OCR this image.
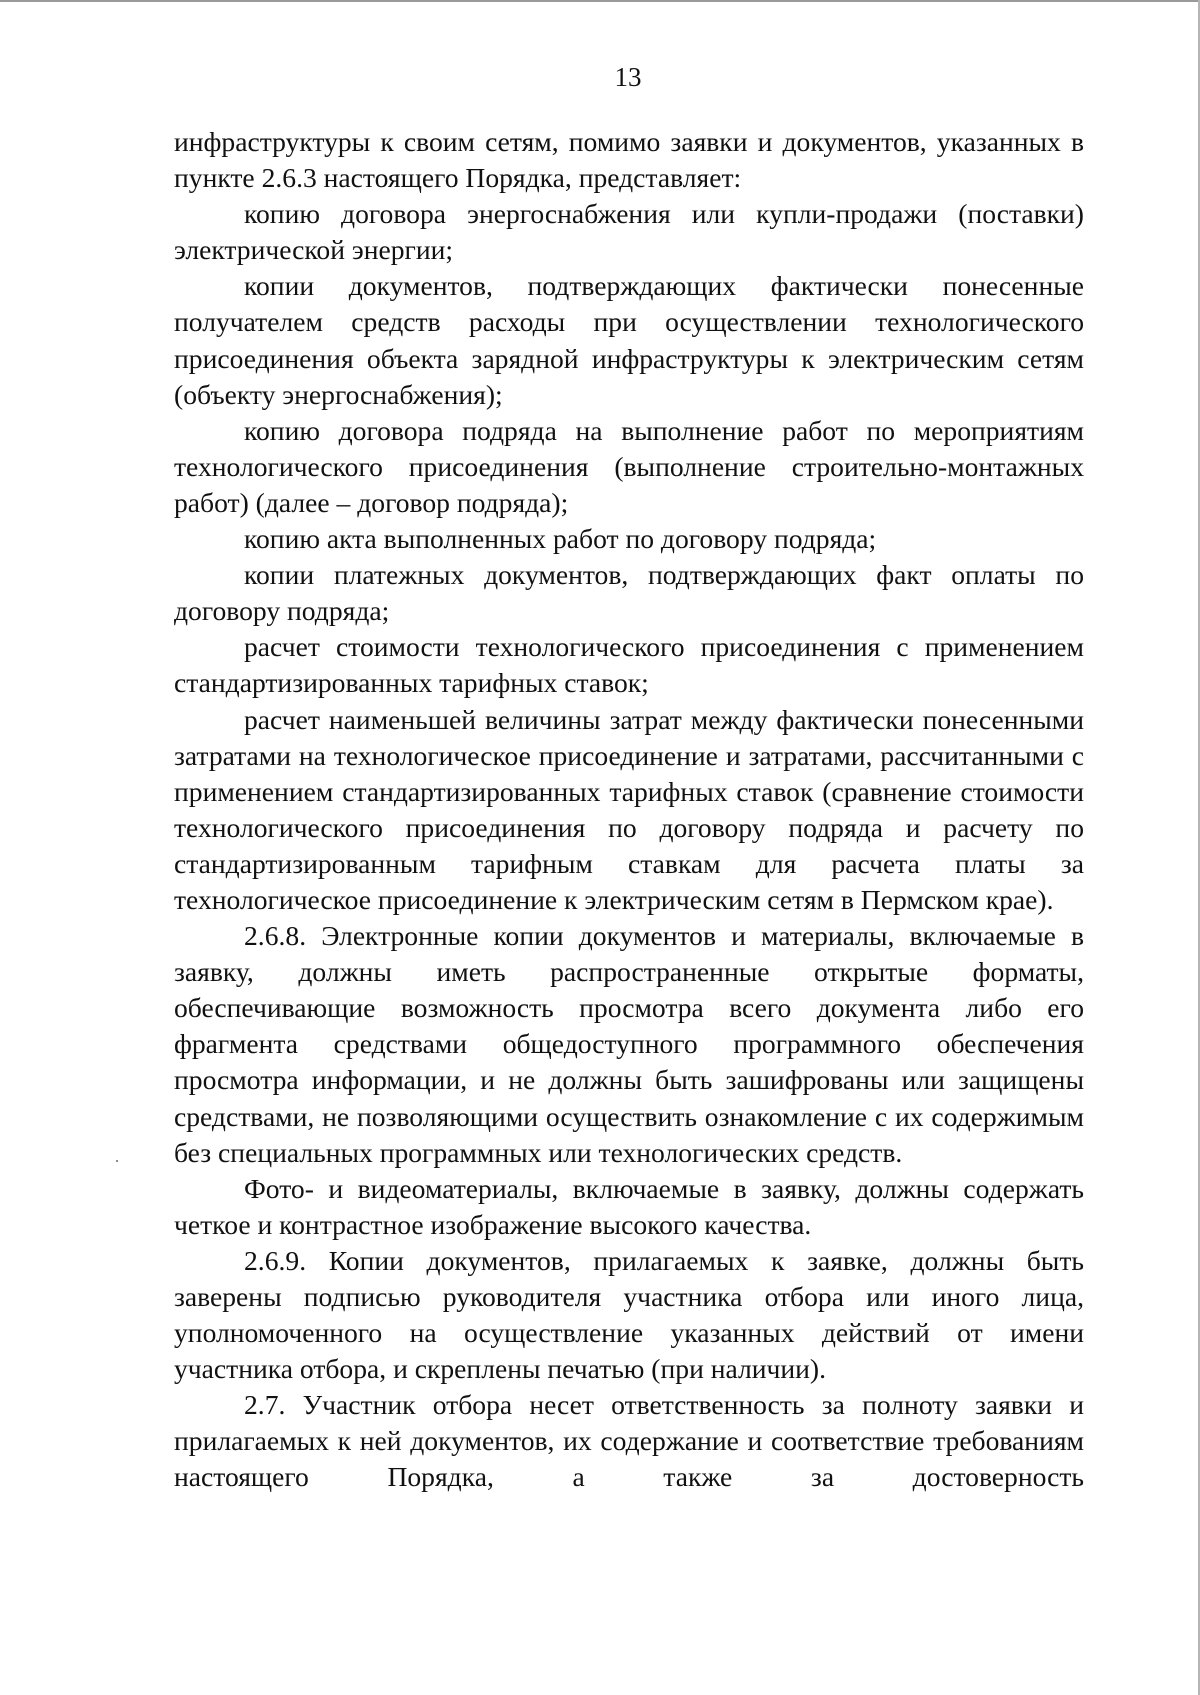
13

инфраструктуры к своим сетям, помимо заявки и документов, указанных в пункте 2.6.3 настоящего Порядка, представляет:

копию договора энергоснабжения или купли-продажи (поставки) электрической энергии;

копии документов, подтверждающих фактически понесенные получателем средств расходы при осуществлении технологического присоединения объекта зарядной инфраструктуры к электрическим сетям (объекту энергоснабжения);

копию договора подряда на выполнение работ по мероприятиям технологического присоединения (выполнение строительно-монтажных работ) (далее – договор подряда);

копию акта выполненных работ по договору подряда;

копии платежных документов, подтверждающих факт оплаты по договору подряда;

расчет стоимости технологического присоединения с применением стандартизированных тарифных ставок;

расчет наименьшей величины затрат между фактически понесенными затратами на технологическое присоединение и затратами, рассчитанными с применением стандартизированных тарифных ставок (сравнение стоимости технологического присоединения по договору подряда и расчету по стандартизированным тарифным ставкам для расчета платы за технологическое присоединение к электрическим сетям в Пермском крае).

2.6.8. Электронные копии документов и материалы, включаемые в заявку, должны иметь распространенные открытые форматы, обеспечивающие возможность просмотра всего документа либо его фрагмента средствами общедоступного программного обеспечения просмотра информации, и не должны быть зашифрованы или защищены средствами, не позволяющими осуществить ознакомление с их содержимым без специальных программных или технологических средств.

Фото- и видеоматериалы, включаемые в заявку, должны содержать четкое и контрастное изображение высокого качества.

2.6.9. Копии документов, прилагаемых к заявке, должны быть заверены подписью руководителя участника отбора или иного лица, уполномоченного на осуществление указанных действий от имени участника отбора, и скреплены печатью (при наличии).

2.7. Участник отбора несет ответственность за полноту заявки и прилагаемых к ней документов, их содержание и соответствие требованиям настоящего Порядка, а также за достоверность
